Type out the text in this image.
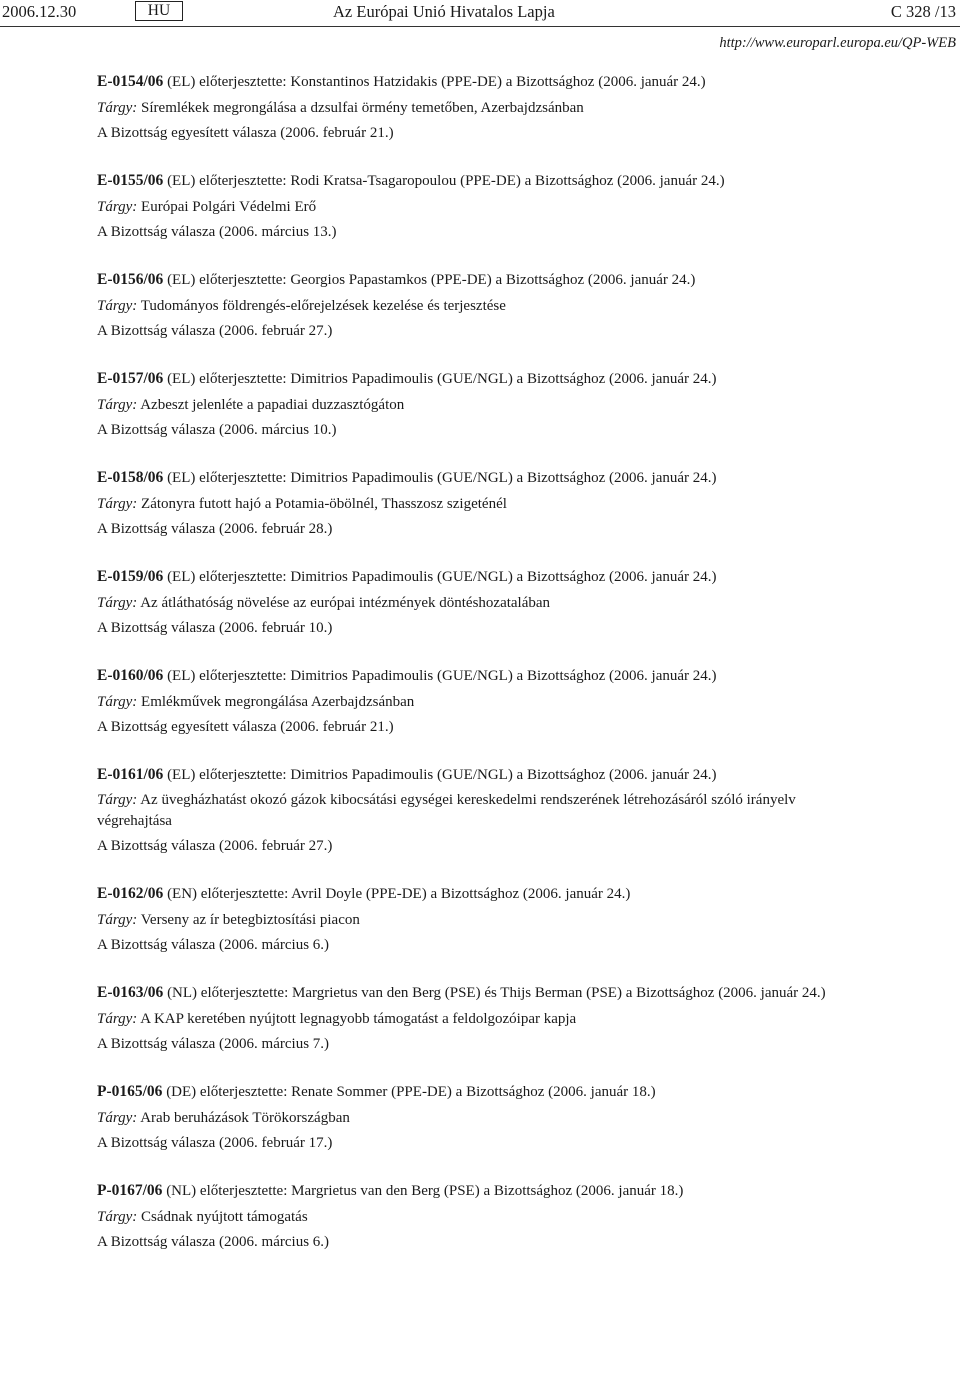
2006.12.30	HU	Az Európai Unió Hivatalos Lapja	C 328 /13
http://www.europarl.europa.eu/QP-WEB
E-0154/06 (EL) előterjesztette: Konstantinos Hatzidakis (PPE-DE) a Bizottsághoz (2006. január 24.)
Tárgy: Síremlékek megrongálása a dzsulfai örmény temetőben, Azerbajdzsánban
A Bizottság egyesített válasza (2006. február 21.)
E-0155/06 (EL) előterjesztette: Rodi Kratsa-Tsagaropoulou (PPE-DE) a Bizottsághoz (2006. január 24.)
Tárgy: Európai Polgári Védelmi Erő
A Bizottság válasza (2006. március 13.)
E-0156/06 (EL) előterjesztette: Georgios Papastamkos (PPE-DE) a Bizottsághoz (2006. január 24.)
Tárgy: Tudományos földrengés-előrejelzések kezelése és terjesztése
A Bizottság válasza (2006. február 27.)
E-0157/06 (EL) előterjesztette: Dimitrios Papadimoulis (GUE/NGL) a Bizottsághoz (2006. január 24.)
Tárgy: Azbeszt jelenléte a papadiai duzzasztógáton
A Bizottság válasza (2006. március 10.)
E-0158/06 (EL) előterjesztette: Dimitrios Papadimoulis (GUE/NGL) a Bizottsághoz (2006. január 24.)
Tárgy: Zátonyra futott hajó a Potamia-öbölnél, Thasszosz szigeténél
A Bizottság válasza (2006. február 28.)
E-0159/06 (EL) előterjesztette: Dimitrios Papadimoulis (GUE/NGL) a Bizottsághoz (2006. január 24.)
Tárgy: Az átláthatóság növelése az európai intézmények döntéshozatalában
A Bizottság válasza (2006. február 10.)
E-0160/06 (EL) előterjesztette: Dimitrios Papadimoulis (GUE/NGL) a Bizottsághoz (2006. január 24.)
Tárgy: Emlékművek megrongálása Azerbajdzsánban
A Bizottság egyesített válasza (2006. február 21.)
E-0161/06 (EL) előterjesztette: Dimitrios Papadimoulis (GUE/NGL) a Bizottsághoz (2006. január 24.)
Tárgy: Az üvegházhatást okozó gázok kibocsátási egységei kereskedelmi rendszerének létrehozásáról szóló irányelv végrehajtása
A Bizottság válasza (2006. február 27.)
E-0162/06 (EN) előterjesztette: Avril Doyle (PPE-DE) a Bizottsághoz (2006. január 24.)
Tárgy: Verseny az ír betegbiztosítási piacon
A Bizottság válasza (2006. március 6.)
E-0163/06 (NL) előterjesztette: Margrietus van den Berg (PSE) és Thijs Berman (PSE) a Bizottsághoz (2006. január 24.)
Tárgy: A KAP keretében nyújtott legnagyobb támogatást a feldolgozóipar kapja
A Bizottság válasza (2006. március 7.)
P-0165/06 (DE) előterjesztette: Renate Sommer (PPE-DE) a Bizottsághoz (2006. január 18.)
Tárgy: Arab beruházások Törökországban
A Bizottság válasza (2006. február 17.)
P-0167/06 (NL) előterjesztette: Margrietus van den Berg (PSE) a Bizottsághoz (2006. január 18.)
Tárgy: Csádnak nyújtott támogatás
A Bizottság válasza (2006. március 6.)
